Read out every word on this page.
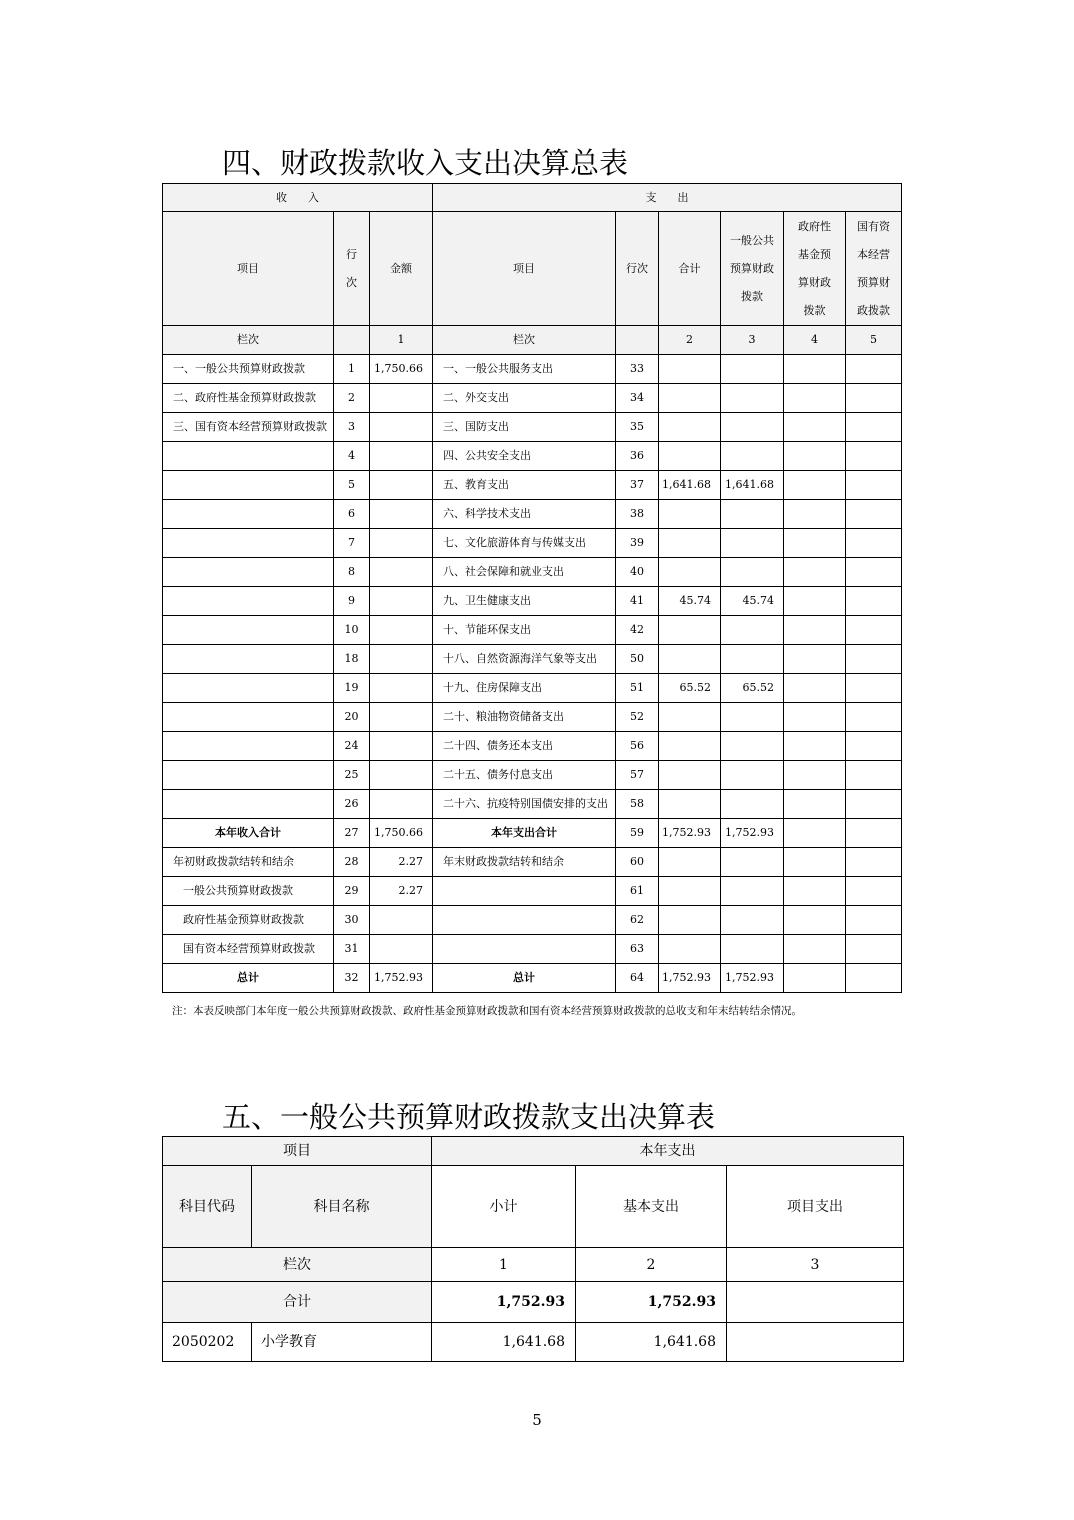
四、财政拨款收入支出决算总表
收      入			支      出					
项目	行次	金额	项目	行次	合计	一般公共预算财政拨款	政府性基金预算财政拨款	国有资本经营预算财政拨款
栏次		1	栏次		2	3	4	5
一、一般公共预算财政拨款	1	1,750.66	一、一般公共服务支出	33				
二、政府性基金预算财政拨款	2		二、外交支出	34				
三、国有资本经营预算财政拨款	3		三、国防支出	35				
	4		四、公共安全支出	36				
	5		五、教育支出	37	1,641.68	1,641.68		
	6		六、科学技术支出	38				
	7		七、文化旅游体育与传媒支出	39				
	8		八、社会保障和就业支出	40				
	9		九、卫生健康支出	41	45.74	45.74		
	10		十、节能环保支出	42				
	18		十八、自然资源海洋气象等支出	50				
	19		十九、住房保障支出	51	65.52	65.52		
	20		二十、粮油物资储备支出	52				
	24		二十四、债务还本支出	56				
	25		二十五、债务付息支出	57				
	26		二十六、抗疫特别国债安排的支出	58				
本年收入合计	27	1,750.66	本年支出合计	59	1,752.93	1,752.93		
年初财政拨款结转和结余	28	2.27	年末财政拨款结转和结余	60				
一般公共预算财政拨款	29	2.27		61				
政府性基金预算财政拨款	30			62				
国有资本经营预算财政拨款	31			63				
总计	32	1,752.93	总计	64	1,752.93	1,752.93		
注：本表反映部门本年度一般公共预算财政拨款、政府性基金预算财政拨款和国有资本经营预算财政拨款的总收支和年末结转结余情况。
五、一般公共预算财政拨款支出决算表
项目		本年支出		
科目代码	科目名称	小计	基本支出	项目支出
栏次		1	2	3
合计		1,752.93	1,752.93	
2050202	小学教育	1,641.68	1,641.68	
5
